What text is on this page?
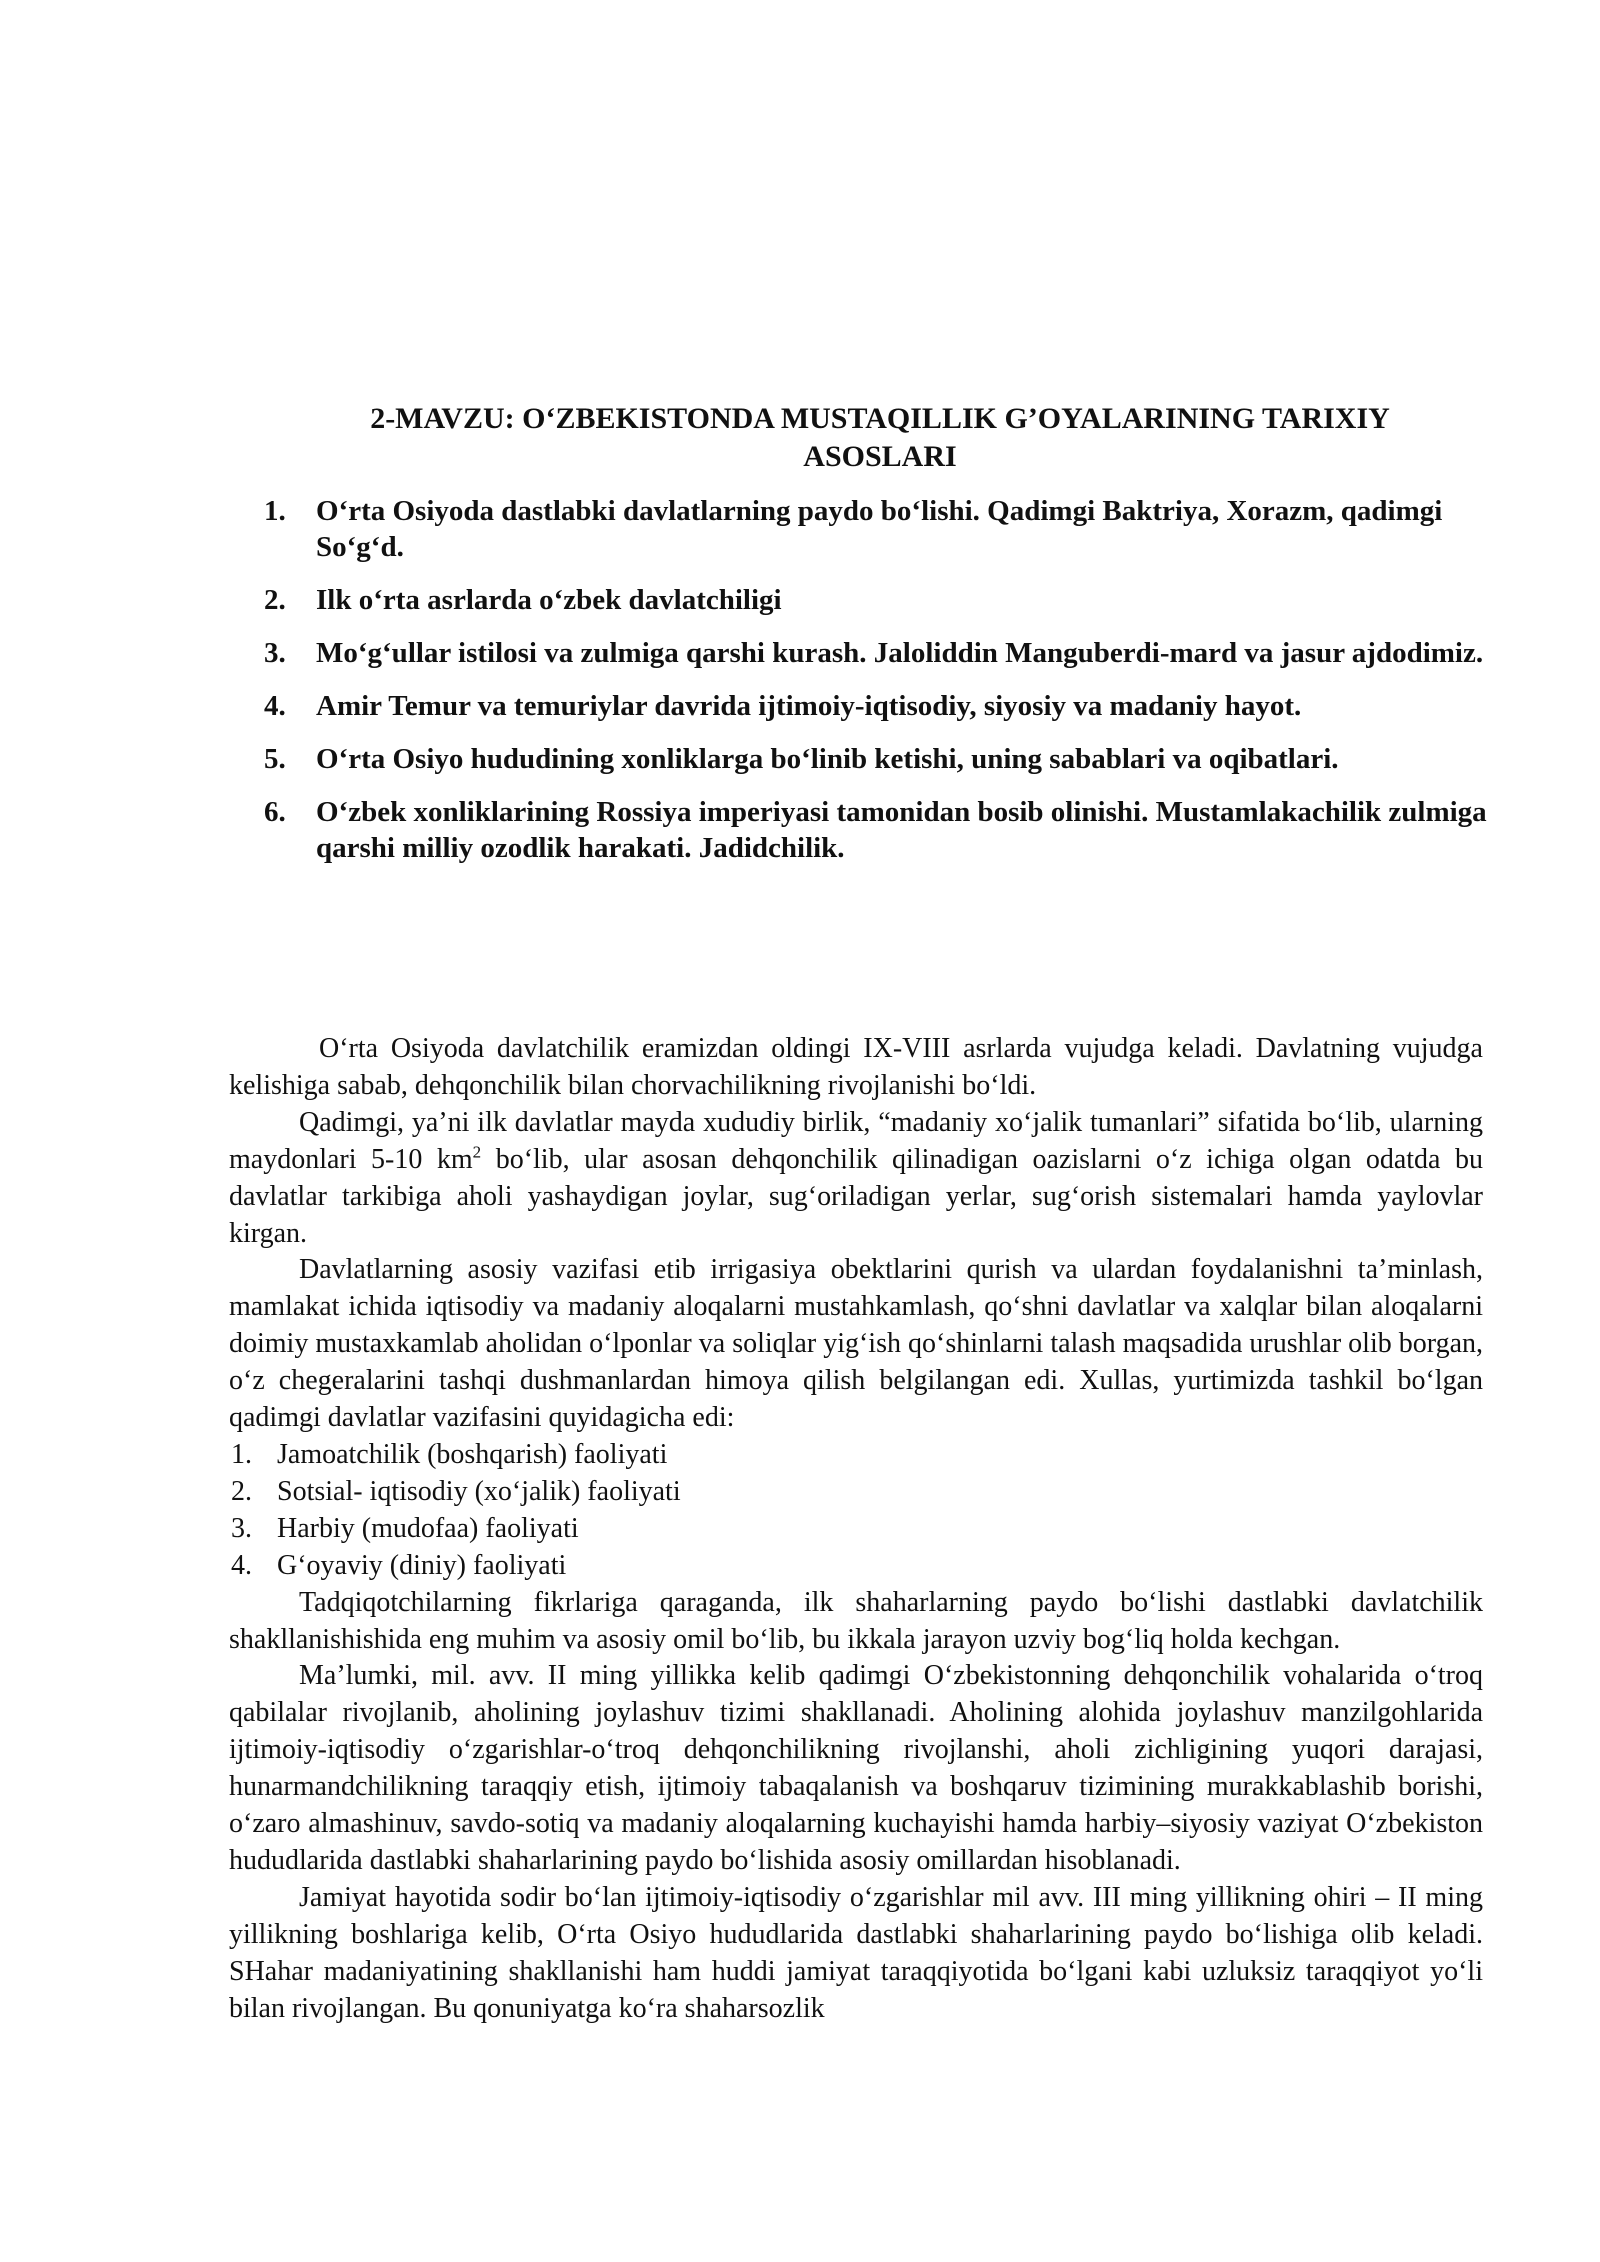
2-MAVZU: O‘ZBEKISTONDA MUSTAQILLIK G’OYALARINING TARIXIY ASOSLARI
1. O‘rta Osiyoda dastlabki davlatlarning paydo bo‘lishi. Qadimgi Baktriya, Xorazm, qadimgi So‘g‘d.
2. Ilk o‘rta asrlarda o‘zbek davlatchiligi
3. Mo‘g‘ullar istilosi va zulmiga qarshi kurash. Jaloliddin Manguberdi-mard va jasur ajdodimiz.
4. Amir Temur va temuriylar davrida ijtimoiy-iqtisodiy, siyosiy va madaniy hayot.
5. O‘rta Osiyo hududining xonliklarga bo‘linib ketishi, uning sabablari va oqibatlari.
6. O‘zbek xonliklarining Rossiya imperiyasi tamonidan bosib olinishi. Mustamlakachilik zulmiga qarshi milliy ozodlik harakati. Jadidchilik.

O‘rta Osiyoda davlatchilik eramizdan oldingi IX-VIII asrlarda vujudga keladi. Davlatning vujudga kelishiga sabab, dehqonchilik bilan chorvachilikning rivojlanishi bo‘ldi.

Qadimgi, ya’ni ilk davlatlar mayda xududiy birlik, “madaniy xo‘jalik tumanlari” sifatida bo‘lib, ularning maydonlari 5-10 $km^2$ bo‘lib, ular asosan dehqonchilik qilinadigan oazislarni o‘z ichiga olgan odatda bu davlatlar tarkibiga aholi yashaydigan joylar, sug‘oriladigan yerlar, sug‘orish sistemalari hamda yaylovlar kirgan.

Davlatlarning asosiy vazifasi etib irrigasiya obektlarini qurish va ulardan foydalanishni ta’minlash, mamlakat ichida iqtisodiy va madaniy aloqalarni mustahkamlash, qo‘shni davlatlar va xalqlar bilan aloqalarni doimiy mustaxkamlab aholidan o‘lponlar va soliqlar yig‘ish qo‘shinlarni talash maqsadida urushlar olib borgan, o‘z chegeralarini tashqi dushmanlardan himoya qilish belgilangan edi. Xullas, yurtimizda tashkil bo‘lgan qadimgi davlatlar vazifasini quyidagicha edi:

1. Jamoatchilik (boshqarish) faoliyati
2. Sotsial- iqtisodiy (xo‘jalik) faoliyati
3. Harbiy (mudofaa) faoliyati
4. G‘oyaviy (diniy) faoliyati

Tadqiqotchilarning fikrlariga qaraganda, ilk shaharlarning paydo bo‘lishi dastlabki davlatchilik shakllanishishida eng muhim va asosiy omil bo‘lib, bu ikkala jarayon uzviy bog‘liq holda kechgan.

Ma’lumki, mil. avv. II ming yillikka kelib qadimgi O‘zbekistonning dehqonchilik vohalarida o‘troq qabilalar rivojlanib, aholining joylashuv tizimi shakllanadi. Aholining alohida joylashuv manzilgohlarida ijtimoiy-iqtisodiy o‘zgarishlar-o‘troq dehqonchilikning rivojlanshi, aholi zichligining yuqori darajasi, hunarmandchilikning taraqqiy etish, ijtimoiy tabaqalanish va boshqaruv tizimining murakkablashib borishi, o‘zaro almashinuv, savdo-sotiq va madaniy aloqalarning kuchayishi hamda harbiy–siyosiy vaziyat O‘zbekiston hududlarida dastlabki shaharlarining paydo bo‘lishida asosiy omillardan hisoblanadi.

Jamiyat hayotida sodir bo‘lan ijtimoiy-iqtisodiy o‘zgarishlar mil avv. III ming yillikning ohiri – II ming yillikning boshlariga kelib, O‘rta Osiyo hududlarida dastlabki shaharlarining paydo bo‘lishiga olib keladi. SHahar madaniyatining shakllanishi ham huddi jamiyat taraqqiyotida bo‘lgani kabi uzluksiz taraqqiyot yo‘li bilan rivojlangan. Bu qonuniyatga ko‘ra shaharsozlik
